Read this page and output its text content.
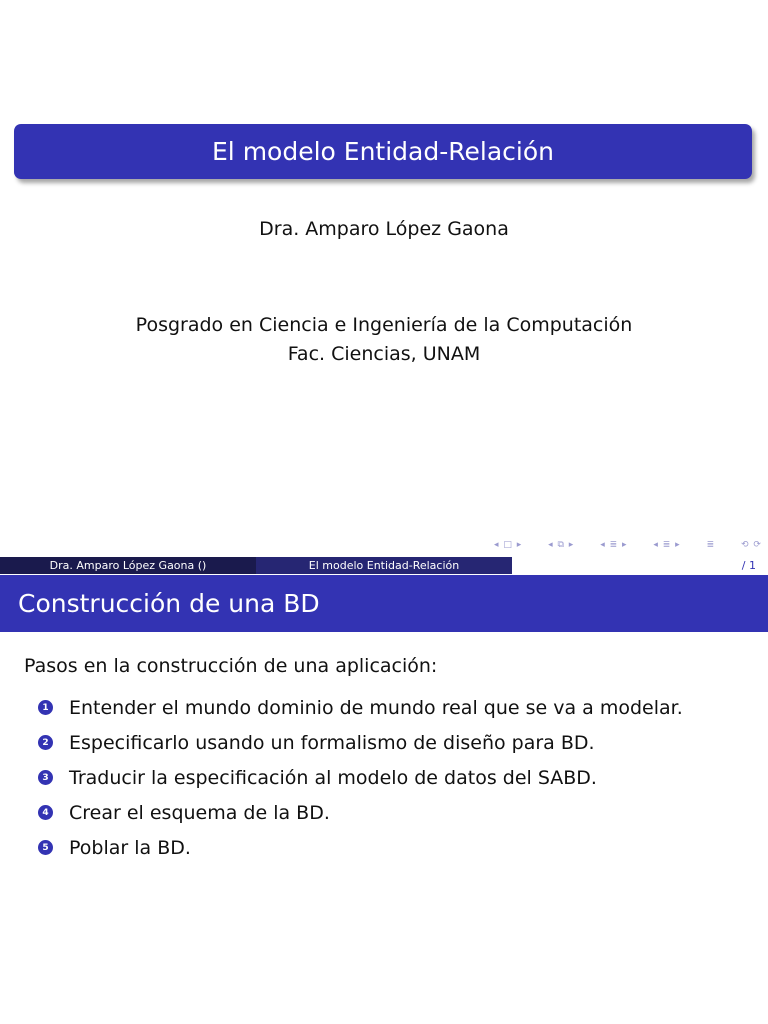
El modelo Entidad-Relación
Dra. Amparo López Gaona
Posgrado en Ciencia e Ingeniería de la Computación
Fac. Ciencias, UNAM
◂ □ ▸	◂ ⧉ ▸	◂ ≣ ▸	◂ ≣ ▸	≣	⟲ ⟳
Dra. Amparo López Gaona ()	El modelo Entidad-Relación	/ 1
Construcción de una BD
Pasos en la construcción de una aplicación:
1 Entender el mundo dominio de mundo real que se va a modelar.
2 Especificarlo usando un formalismo de diseño para BD.
3 Traducir la especificación al modelo de datos del SABD.
4 Crear el esquema de la BD.
5 Poblar la BD.
